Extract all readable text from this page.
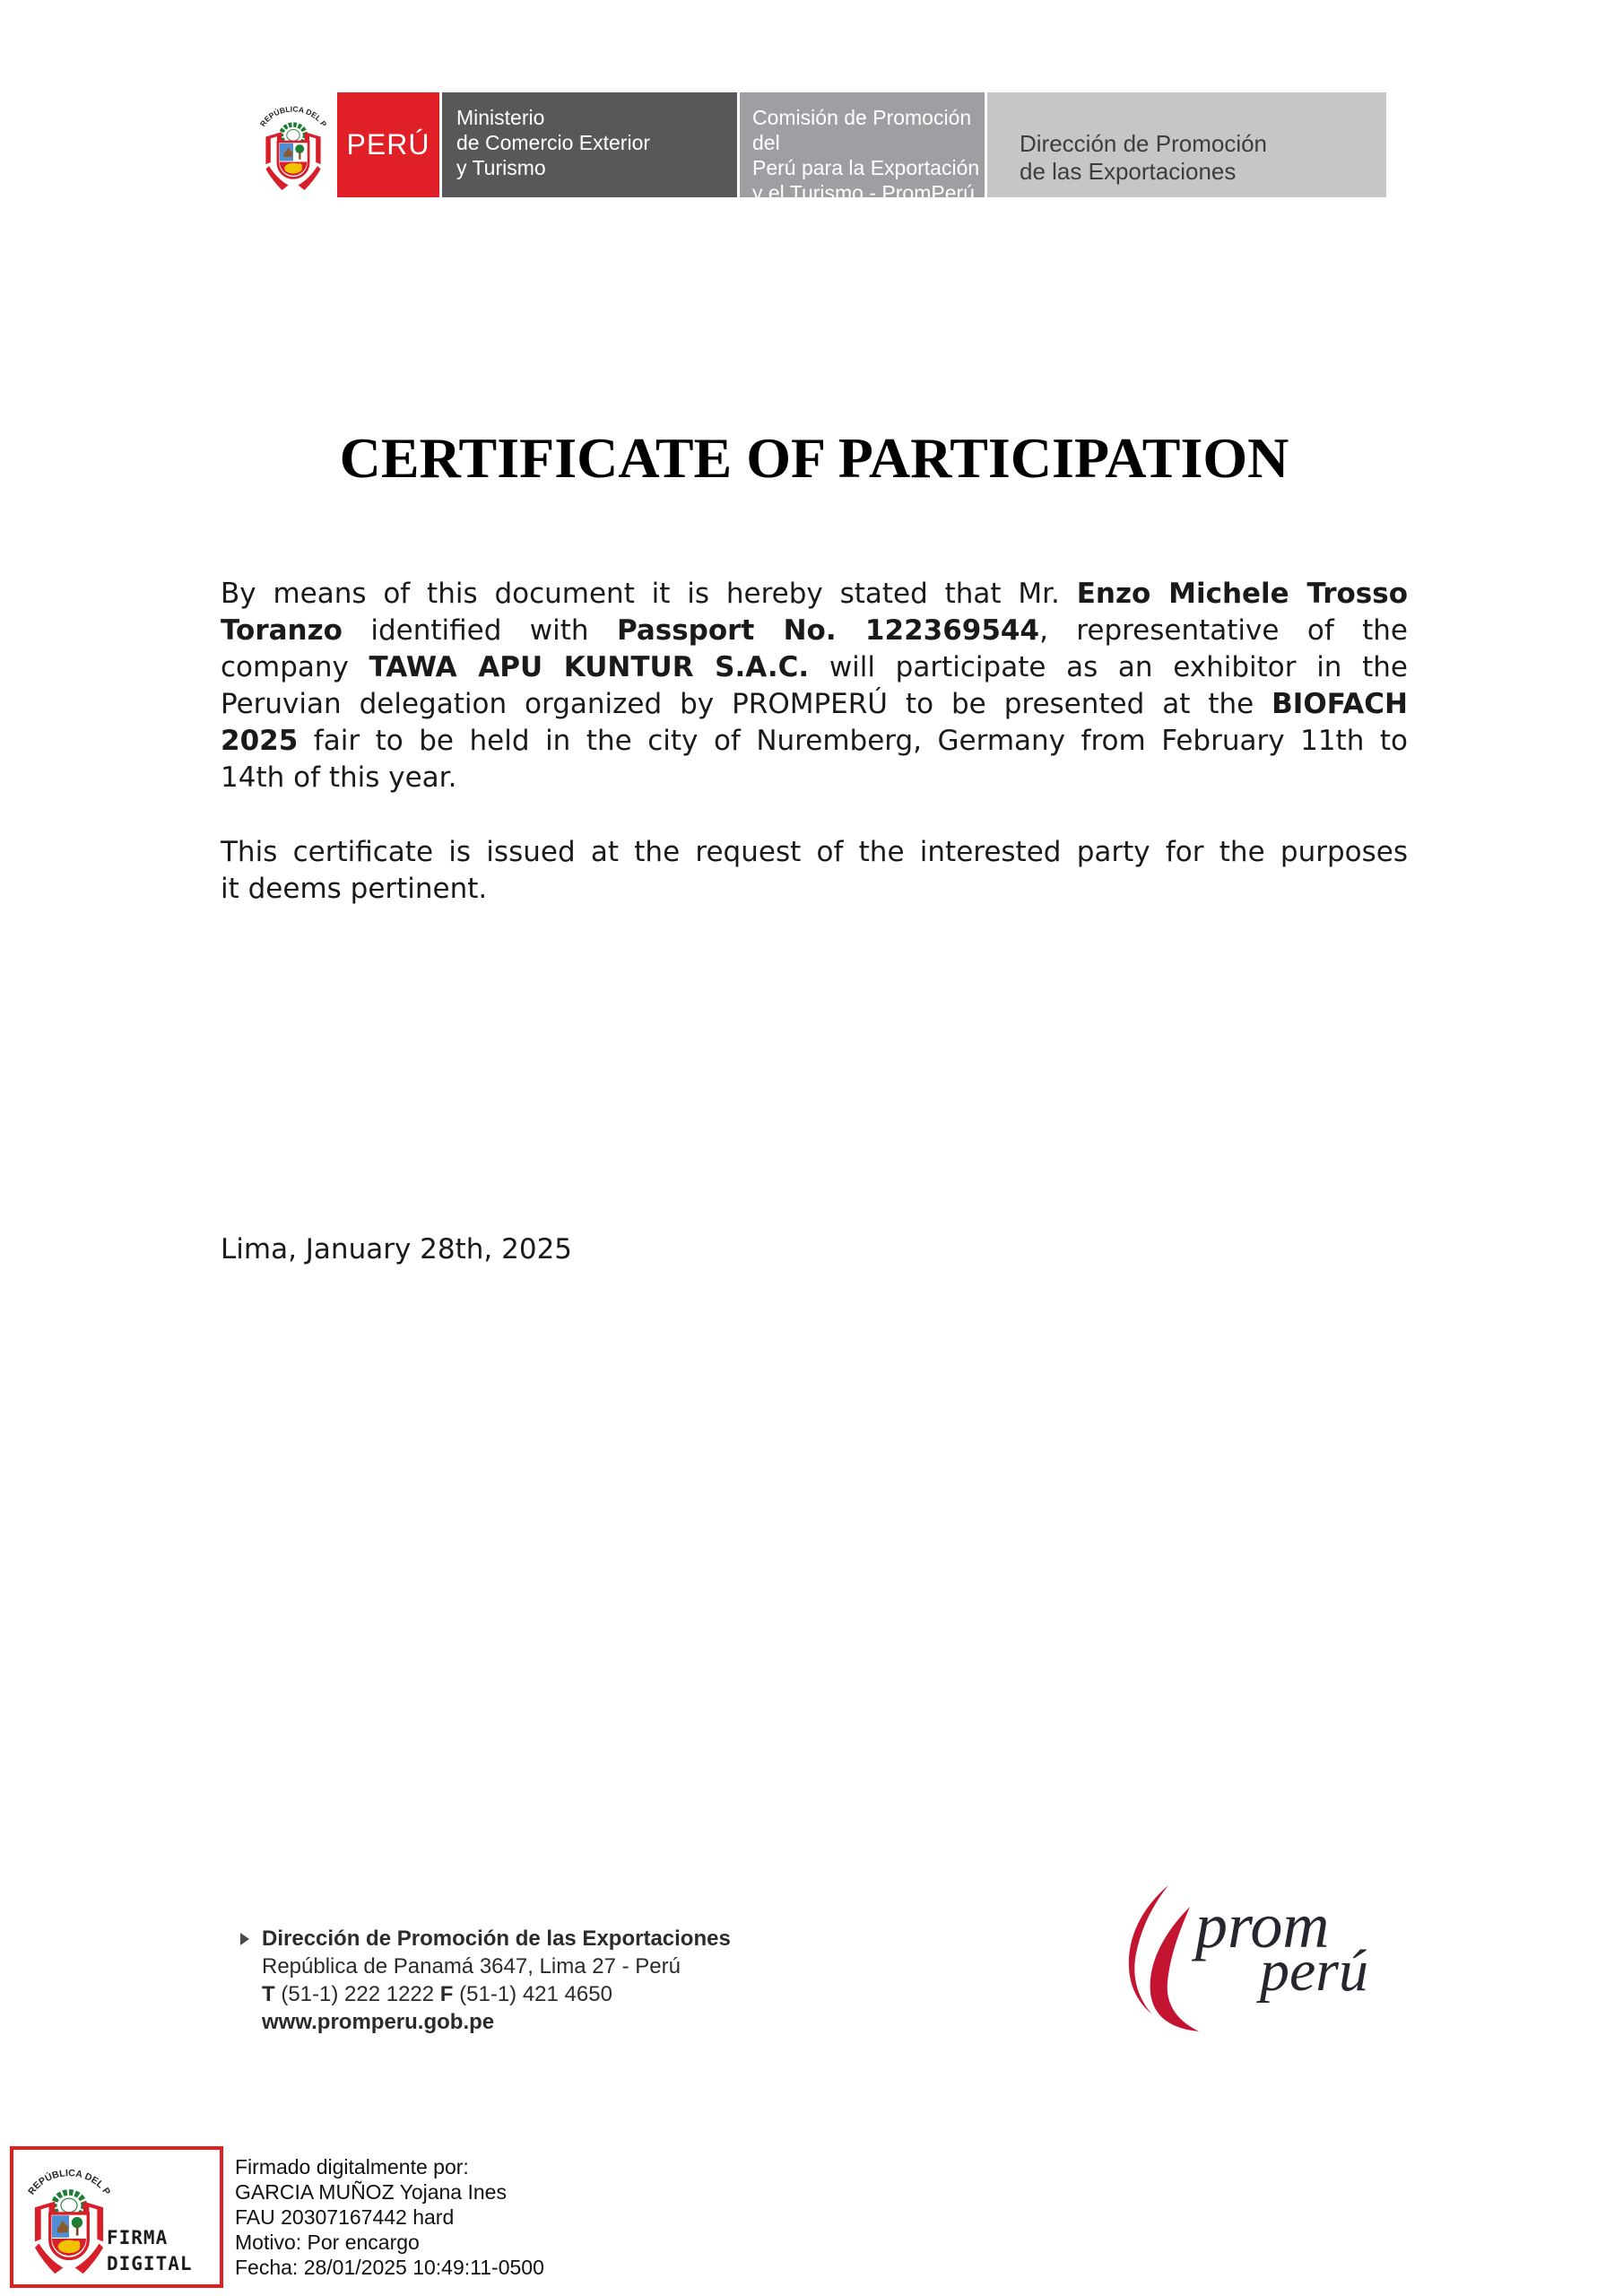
PERÚ
Ministerio
de Comercio Exterior
y Turismo
Comisión de Promoción del
Perú para la Exportación
y el Turismo - PromPerú
Dirección de Promoción
de las Exportaciones
CERTIFICATE OF PARTICIPATION
By means of this document it is hereby stated that Mr. Enzo Michele Trosso
Toranzo identified with Passport No. 122369544, representative of the
company TAWA APU KUNTUR S.A.C. will participate as an exhibitor in the
Peruvian delegation organized by PROMPERÚ to be presented at the BIOFACH
2025 fair to be held in the city of Nuremberg, Germany from February 11th to
14th of this year.
This certificate is issued at the request of the interested party for the purposes
it deems pertinent.
Lima, January 28th, 2025
Dirección de Promoción de las Exportaciones
República de Panamá 3647, Lima 27 - Perú
T (51-1) 222 1222 F (51-1) 421 4650
www.promperu.gob.pe
prom
perú
FIRMA
DIGITAL
Firmado digitalmente por:
GARCIA MUÑOZ Yojana Ines
FAU 20307167442 hard
Motivo: Por encargo
Fecha: 28/01/2025 10:49:11-0500
